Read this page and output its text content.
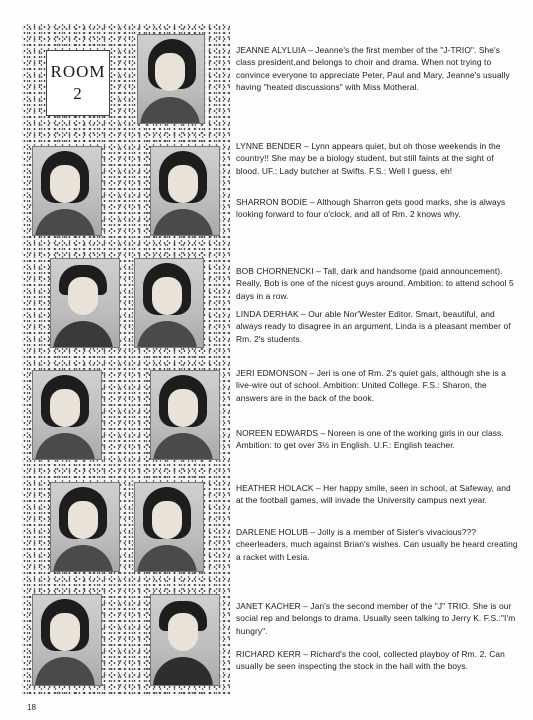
ROOM
2
JEANNE ALYLUIA – Jeanne's the first member of the "J-TRIO". She's class president,and belongs to choir and drama. When not trying to convince everyone to appreciate Peter, Paul and Mary, Jeanne's usually having "heated discussions" with Miss Motheral.
LYNNE BENDER – Lynn appears quiet, but oh those weekends in the country!! She may be a biology student, but still faints at the sight of blood. UF.: Lady butcher at Swifts. F.S.: Well I guess, eh!
SHARRON BODIE – Although Sharron gets good marks, she is always looking forward to four o'clock, and all of Rm. 2 knows why.
BOB CHORNENCKI – Tall, dark and handsome (paid announcement). Really, Bob is one of the nicest guys around. Ambition: to attend school 5 days in a row.
LINDA DERHAK – Our able Nor'Wester Editor. Smart, beautiful, and always ready to disagree in an argument, Linda is a pleasant member of Rm. 2's students.
JERI EDMONSON – Jeri is one of Rm. 2's quiet gals, although she is a live-wire out of school. Ambition: United College. F.S.: Sharon, the answers are in the back of the book.
NOREEN EDWARDS – Noreen is one of the working girls in our class. Ambition: to get over 3½ in English. U.F.: English teacher.
HEATHER HOLACK – Her happy smile, seen in school, at Safeway, and at the football games, will invade the University campus next year.
DARLENE HOLUB – Jolly is a member of Sisler's vivacious??? cheerleaders, much against Brian's wishes. Can usually be heard creating a racket with Lesia.
JANET KACHER – Jan's the second member of the "J" TRIO. She is our social rep and belongs to drama. Usually seen talking to Jerry K. F.S.:"I'm hungry".
RICHARD KERR – Richard's the cool, collected playboy of Rm. 2. Can usually be seen inspecting the stock in the hall with the boys.
18
